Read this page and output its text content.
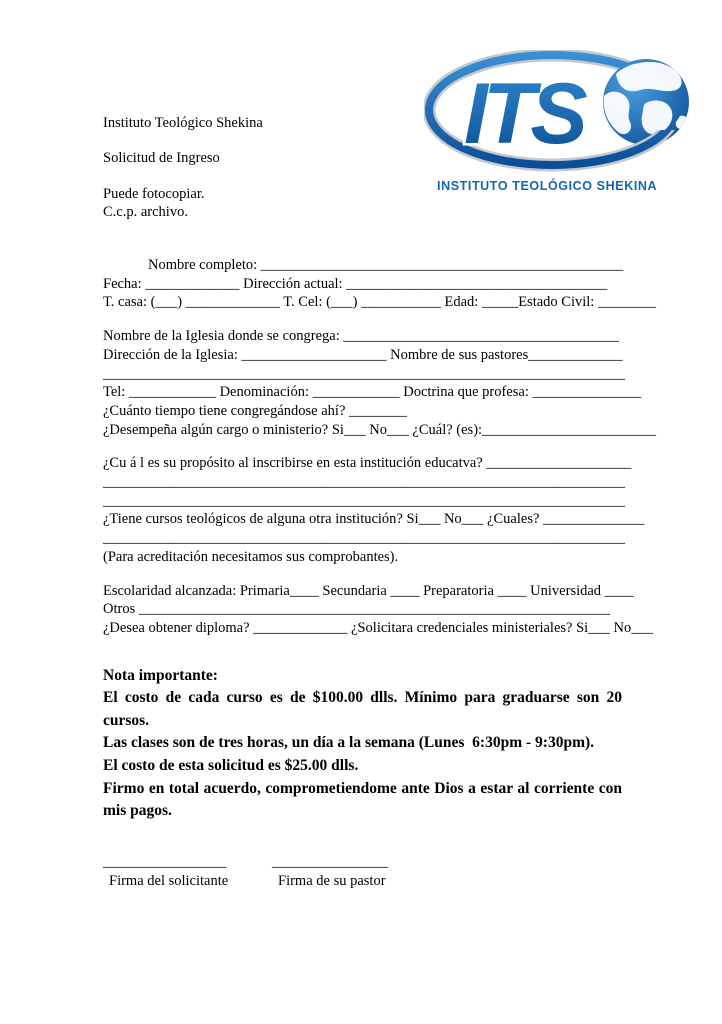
ITS
INSTITUTO TEOLÓGICO SHEKINA

Instituto Teológico Shekina

Solicitud de Ingreso

Puede fotocopiar.

C.c.p. archivo.

Nombre completo: __________________________________________________
Fecha: _____________ Dirección actual: ____________________________________
T. casa: (___) _____________ T. Cel: (___) ___________ Edad: _____Estado Civil: ________
Nombre de la Iglesia donde se congrega: ______________________________________
Dirección de la Iglesia: ____________________ Nombre de sus pastores_____________
________________________________________________________________________
Tel: ____________ Denominación: ____________ Doctrina que profesa: _______________
¿Cuánto tiempo tiene congregándose ahí? ________
¿Desempeña algún cargo o ministerio? Si___ No___ ¿Cuál? (es):________________________
¿Cu á l es su propósito al inscribirse en esta institución educatva? ____________________
________________________________________________________________________
________________________________________________________________________
¿Tiene cursos teológicos de alguna otra institución? Si___ No___ ¿Cuales? ______________
________________________________________________________________________
(Para acreditación necesitamos sus comprobantes).
Escolaridad alcanzada: Primaria____ Secundaria ____ Preparatoria ____ Universidad ____
Otros _________________________________________________________________
¿Desea obtener diploma? _____________ ¿Solicitara credenciales ministeriales? Si___ No___
Nota importante:
El costo de cada curso es de $100.00 dlls. Mínimo para graduarse son 20
cursos.
Las clases son de tres horas, un día a la semana (Lunes  6:30pm - 9:30pm).
El costo de esta solicitud es $25.00 dlls.
Firmo en total acuerdo, comprometiendome ante Dios a estar al corriente con
mis pagos.
_________________
Firma del solicitante
________________
Firma de su pastor
